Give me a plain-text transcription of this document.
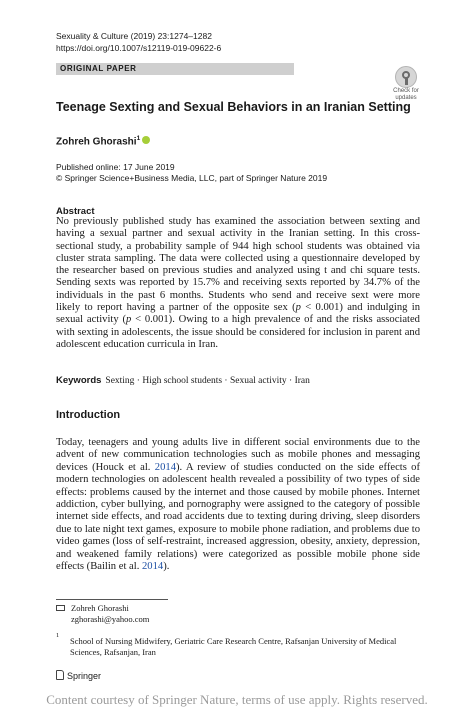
Sexuality & Culture (2019) 23:1274–1282
https://doi.org/10.1007/s12119-019-09622-6
ORIGINAL PAPER
Check for
updates
Teenage Sexting and Sexual Behaviors in an Iranian Setting
Zohreh Ghorashi$^1$
Published online: 17 June 2019
© Springer Science+Business Media, LLC, part of Springer Nature 2019
Abstract
No previously published study has examined the association between sexting and having a sexual partner and sexual activity in the Iranian setting. In this cross-sectional study, a probability sample of 944 high school students was obtained via cluster strata sampling. The data were collected using a questionnaire developed by the researcher based on previous studies and analyzed using t and chi square tests. Sending sexts was reported by 15.7% and receiving sexts reported by 34.7% of the individuals in the past 6 months. Students who send and receive sext were more likely to report having a partner of the opposite sex (p < 0.001) and indulging in sexual activity (p < 0.001). Owing to a high prevalence of and the risks associated with sexting in adolescents, the issue should be considered for inclusion in parent and adolescent education curricula in Iran.
Keywords Sexting · High school students · Sexual activity · Iran
Introduction
Today, teenagers and young adults live in different social environments due to the advent of new communication technologies such as mobile phones and messaging devices (Houck et al. 2014). A review of studies conducted on the side effects of modern technologies on adolescent health revealed a possibility of two types of side effects: problems caused by the internet and those caused by mobile phones. Internet addiction, cyber bullying, and pornography were assigned to the category of possible internet side effects, and road accidents due to texting during driving, sleep disorders due to late night text games, exposure to mobile phone radiation, and problems due to video games (loss of self-restraint, increased aggression, obesity, anxiety, depression, and weakened family relations) were categorized as possible mobile phone side effects (Bailin et al. 2014).
Zohreh Ghorashi
zghorashi@yahoo.com
1
School of Nursing Midwifery, Geriatric Care Research Centre, Rafsanjan University of Medical Sciences, Rafsanjan, Iran
Springer
Content courtesy of Springer Nature, terms of use apply. Rights reserved.
